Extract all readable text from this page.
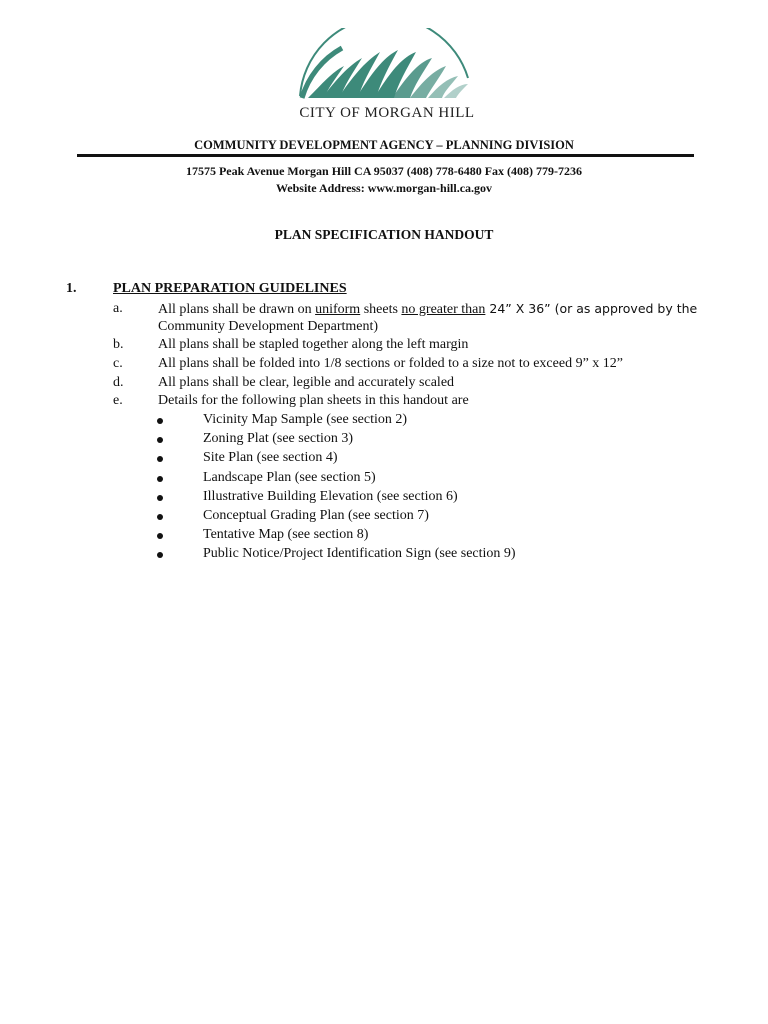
CITY OF MORGAN HILL
COMMUNITY DEVELOPMENT AGENCY – PLANNING DIVISION
17575 Peak Avenue Morgan Hill CA 95037 (408) 778-6480 Fax (408) 779-7236
Website Address: www.morgan-hill.ca.gov
PLAN SPECIFICATION HANDOUT
1.	PLAN PREPARATION GUIDELINES
a.	All plans shall be drawn on uniform sheets no greater than 24” X 36” (or as approved by the
Community Development Department)
b. All plans shall be stapled together along the left margin
c.	All plans shall be folded into 1/8 sections or folded to a size not to exceed 9” x 12”
d. All plans shall be clear, legible and accurately scaled
e.	Details for the following plan sheets in this handout are
Vicinity Map Sample (see section 2)
Zoning Plat (see section 3)
Site Plan (see section 4)
Landscape Plan (see section 5)
Illustrative Building Elevation (see section 6)
Conceptual Grading Plan (see section 7)
Tentative Map (see section 8)
Public Notice/Project Identification Sign (see section 9)
